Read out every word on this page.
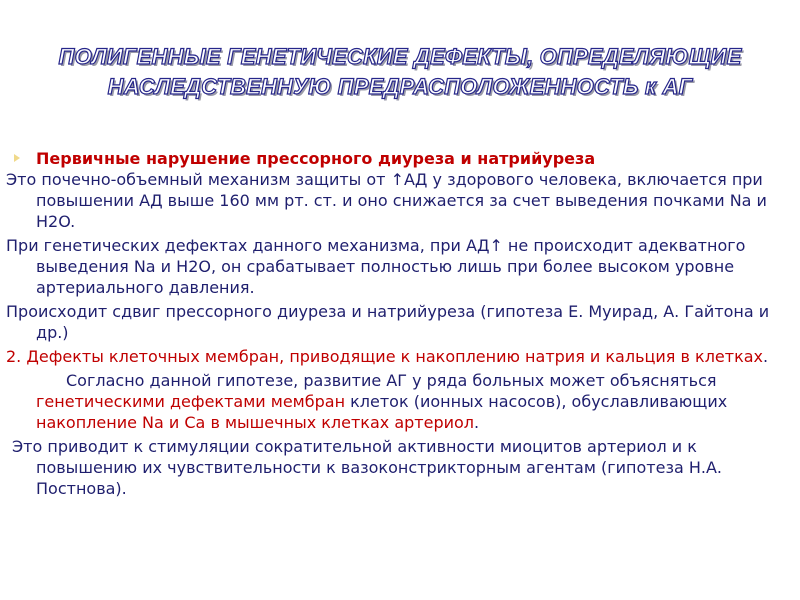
ПОЛИГЕННЫЕ ГЕНЕТИЧЕСКИЕ ДЕФЕКТЫ, ОПРЕДЕЛЯЮЩИЕ
НАСЛЕДСТВЕННУЮ ПРЕДРАСПОЛОЖЕННОСТЬ к АГ

Первичные нарушение прессорного диуреза и натрийуреза

Это почечно-объемный механизм защиты от ↑АД у здорового человека, включается при повышении АД выше 160 мм рт. ст. и оно снижается за счет выведения почками Na и H2O.

При генетических дефектах данного механизма, при АД↑ не происходит адекватного выведения Na и H2O, он срабатывает полностью лишь при более высоком уровне артериального давления.

Происходит сдвиг прессорного диуреза и натрийуреза (гипотеза Е. Муирад, А. Гайтона и др.)

2. Дефекты клеточных мембран, приводящие к накоплению натрия и кальция в клетках.

Согласно данной гипотезе, развитие АГ у ряда больных может объясняться генетическими дефектами мембран клеток (ионных насосов), обуславливающих накопление Na и Ca в мышечных клетках артериол.

Это приводит к стимуляции сократительной активности миоцитов артериол и к повышению их чувствительности к вазоконстрикторным агентам (гипотеза Н.А. Постнова).
